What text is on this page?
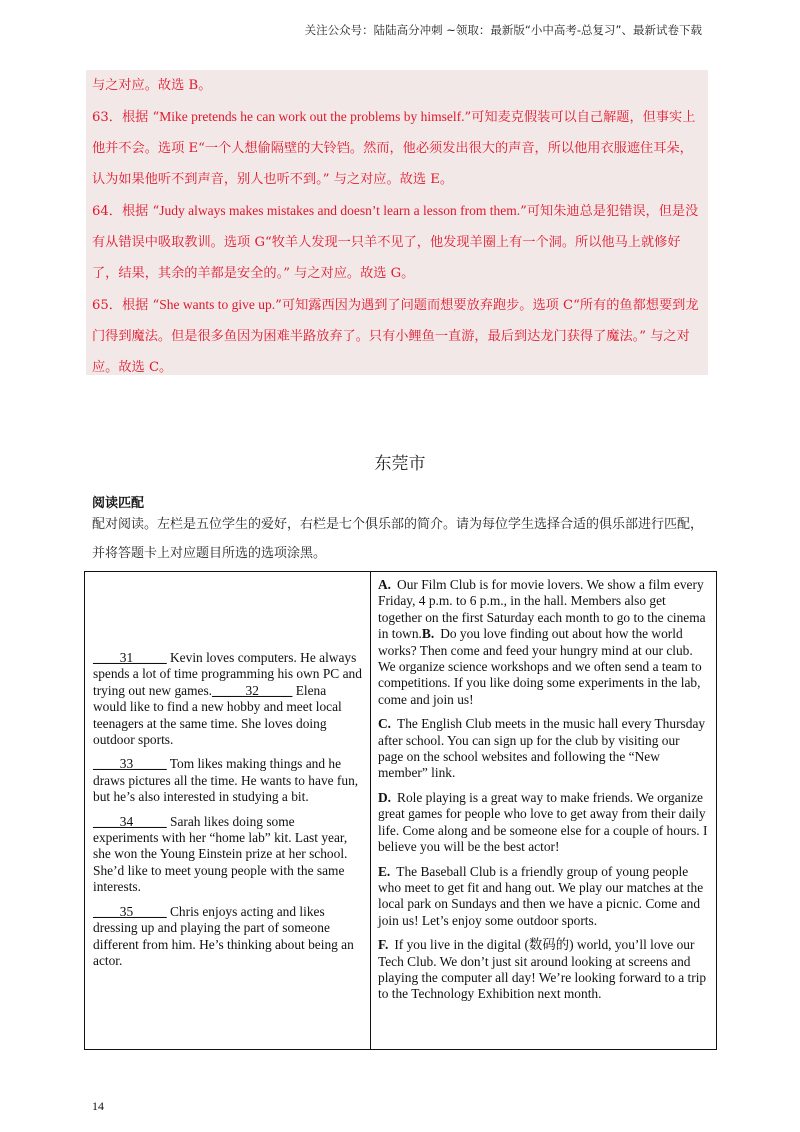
关注公众号：陆陆高分冲刺 ~领取：最新版“小中高考-总复习”、最新试卷下载

与之对应。故选 B。

63．根据 “Mike pretends he can work out the problems by himself.”可知麦克假装可以自己解题，但事实上他并不会。选项 E“一个人想偷隔壁的大铃铛。然而，他必须发出很大的声音，所以他用衣服遮住耳朵，认为如果他听不到声音，别人也听不到。” 与之对应。故选 E。

64．根据 “Judy always makes mistakes and doesn’t learn a lesson from them.”可知朱迪总是犯错误，但是没有从错误中吸取教训。选项 G“牧羊人发现一只羊不见了，他发现羊圈上有一个洞。所以他马上就修好了，结果，其余的羊都是安全的。” 与之对应。故选 G。

65．根据 “She wants to give up.”可知露西因为遇到了问题而想要放弃跑步。选项 C“所有的鱼都想要到龙门得到魔法。但是很多鱼因为困难半路放弃了。只有小鲤鱼一直游，最后到达龙门获得了魔法。” 与之对应。故选 C。

东莞市
阅读匹配
配对阅读。左栏是五位学生的爱好，右栏是七个俱乐部的简介。请为每位学生选择合适的俱乐部进行匹配，并将答题卡上对应题目所选的选项涂黑。
____31_____ Kevin loves computers. He always spends a lot of time programming his own PC and trying out new games._____32_____ Elena would like to find a new hobby and meet local teenagers at the same time. She loves doing outdoor sports.
____33_____ Tom likes making things and he draws pictures all the time. He wants to have fun, but he’s also interested in studying a bit.
____34_____ Sarah likes doing some experiments with her “home lab” kit. Last year, she won the Young Einstein prize at her school. She’d like to meet young people with the same interests.
____35_____ Chris enjoys acting and likes dressing up and playing the part of someone different from him. He’s thinking about being an actor.
A. Our Film Club is for movie lovers. We show a film every Friday, 4 p.m. to 6 p.m., in the hall. Members also get together on the first Saturday each month to go to the cinema in town.B. Do you love finding out about how the world works? Then come and feed your hungry mind at our club. We organize science workshops and we often send a team to competitions. If you like doing some experiments in the lab, come and join us!
C. The English Club meets in the music hall every Thursday after school. You can sign up for the club by visiting our page on the school websites and following the “New member” link.
D. Role playing is a great way to make friends. We organize great games for people who love to get away from their daily life. Come along and be someone else for a couple of hours. I believe you will be the best actor!
E. The Baseball Club is a friendly group of young people who meet to get fit and hang out. We play our matches at the local park on Sundays and then we have a picnic. Come and join us! Let’s enjoy some outdoor sports.
F. If you live in the digital (数码的) world, you’ll love our Tech Club. We don’t just sit around looking at screens and playing the computer all day! We’re looking forward to a trip to the Technology Exhibition next month.
14
